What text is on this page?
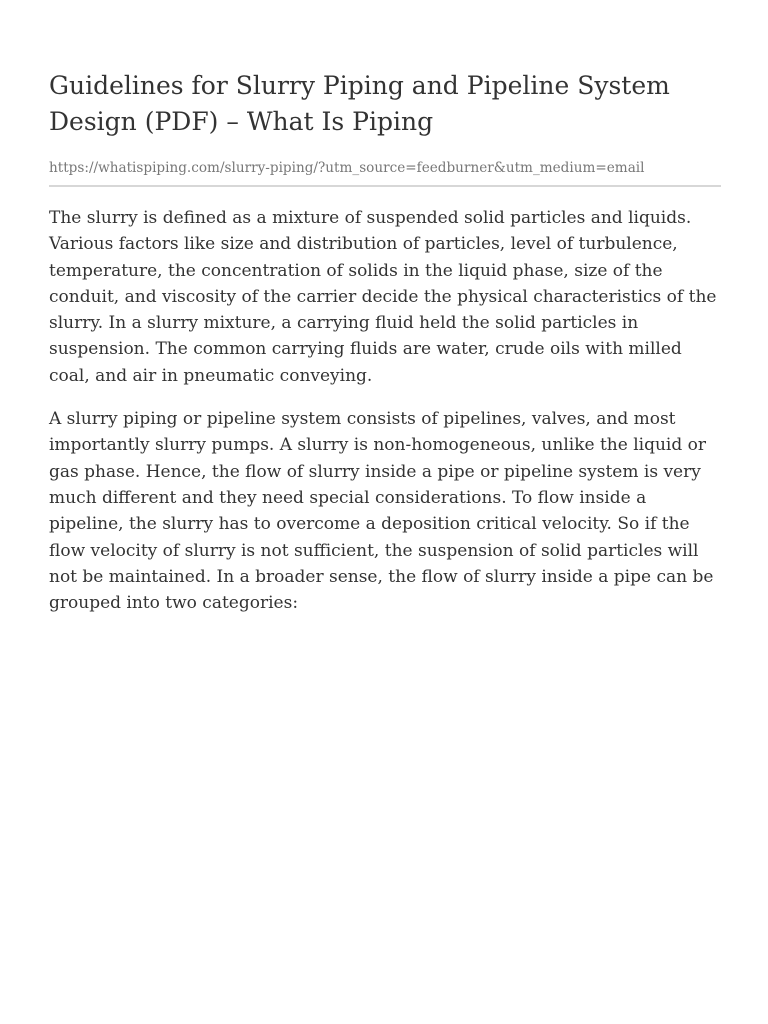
Guidelines for Slurry Piping and Pipeline System Design (PDF) – What Is Piping
https://whatispiping.com/slurry-piping/?utm_source=feedburner&utm_medium=email

The slurry is defined as a mixture of suspended solid particles and liquids. Various factors like size and distribution of particles, level of turbulence, temperature, the concentration of solids in the liquid phase, size of the conduit, and viscosity of the carrier decide the physical characteristics of the slurry. In a slurry mixture, a carrying fluid held the solid particles in suspension. The common carrying fluids are water, crude oils with milled coal, and air in pneumatic conveying.

A slurry piping or pipeline system consists of pipelines, valves, and most importantly slurry pumps. A slurry is non-homogeneous, unlike the liquid or gas phase. Hence, the flow of slurry inside a pipe or pipeline system is very much different and they need special considerations. To flow inside a pipeline, the slurry has to overcome a deposition critical velocity. So if the flow velocity of slurry is not sufficient, the suspension of solid particles will not be maintained. In a broader sense, the flow of slurry inside a pipe can be grouped into two categories:
